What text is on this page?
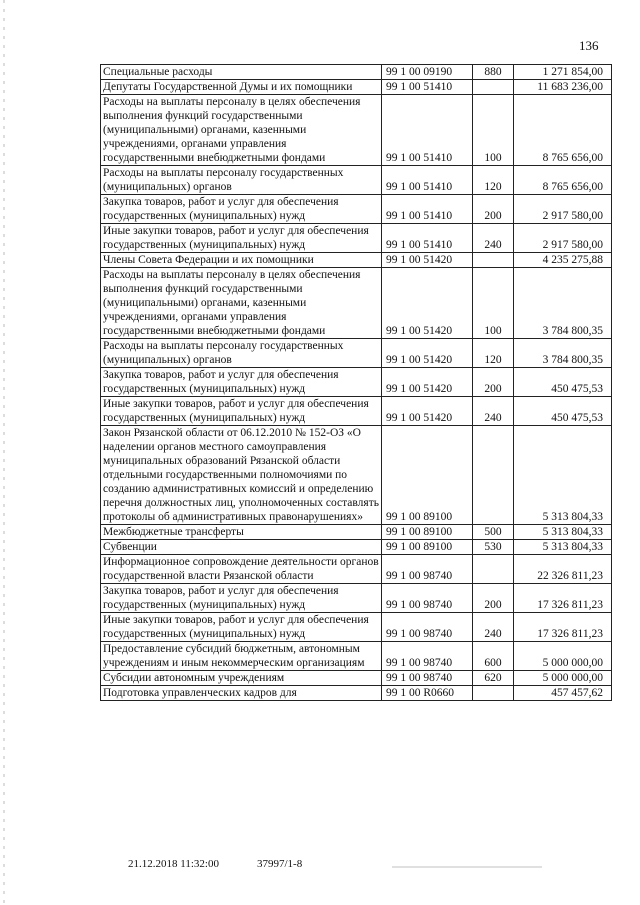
136
Специальные расходы	99 1 00 09190	880	1 271 854,00
Депутаты Государственной Думы и их помощники	99 1 00 51410		11 683 236,00
Расходы на выплаты персоналу в целях обеспечения выполнения функций государственными (муниципальными) органами, казенными учреждениями, органами управления государственными внебюджетными фондами	99 1 00 51410	100	8 765 656,00
Расходы на выплаты персоналу государственных (муниципальных) органов	99 1 00 51410	120	8 765 656,00
Закупка товаров, работ и услуг для обеспечения государственных (муниципальных) нужд	99 1 00 51410	200	2 917 580,00
Иные закупки товаров, работ и услуг для обеспечения государственных (муниципальных) нужд	99 1 00 51410	240	2 917 580,00
Члены Совета Федерации и их помощники	99 1 00 51420		4 235 275,88
Расходы на выплаты персоналу в целях обеспечения выполнения функций государственными (муниципальными) органами, казенными учреждениями, органами управления государственными внебюджетными фондами	99 1 00 51420	100	3 784 800,35
Расходы на выплаты персоналу государственных (муниципальных) органов	99 1 00 51420	120	3 784 800,35
Закупка товаров, работ и услуг для обеспечения государственных (муниципальных) нужд	99 1 00 51420	200	450 475,53
Иные закупки товаров, работ и услуг для обеспечения государственных (муниципальных) нужд	99 1 00 51420	240	450 475,53
Закон Рязанской области от 06.12.2010 № 152-ОЗ «О наделении органов местного самоуправления муниципальных образований Рязанской области отдельными государственными полномочиями по созданию административных комиссий и определению перечня должностных лиц, уполномоченных составлять протоколы об административных правонарушениях»	99 1 00 89100		5 313 804,33
Межбюджетные трансферты	99 1 00 89100	500	5 313 804,33
Субвенции	99 1 00 89100	530	5 313 804,33
Информационное сопровождение деятельности органов государственной власти Рязанской области	99 1 00 98740		22 326 811,23
Закупка товаров, работ и услуг для обеспечения государственных (муниципальных) нужд	99 1 00 98740	200	17 326 811,23
Иные закупки товаров, работ и услуг для обеспечения государственных (муниципальных) нужд	99 1 00 98740	240	17 326 811,23
Предоставление субсидий бюджетным, автономным учреждениям и иным некоммерческим организациям	99 1 00 98740	600	5 000 000,00
Субсидии автономным учреждениям	99 1 00 98740	620	5 000 000,00
Подготовка управленческих кадров для	99 1 00 R0660		457 457,62
21.12.2018 11:32:00	37997/1-8
